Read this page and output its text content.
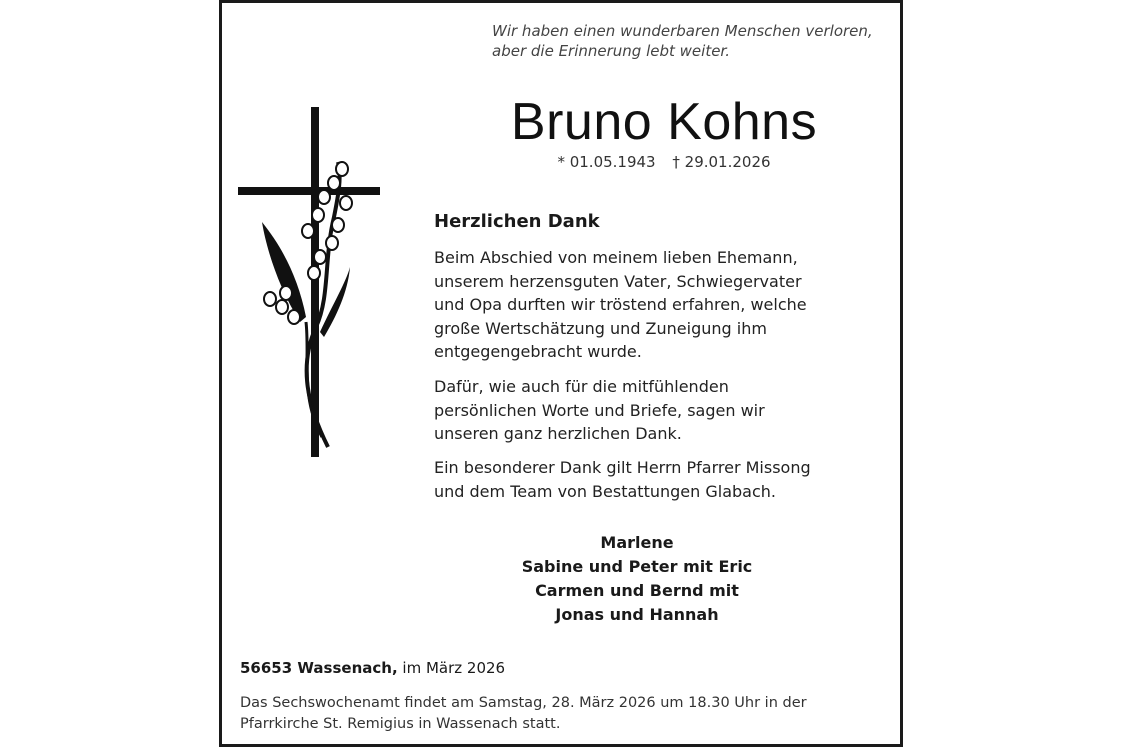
Wir haben einen wunderbaren Menschen verloren,
aber die Erinnerung lebt weiter.
Bruno Kohns
* 01.05.1943 † 29.01.2026
Herzlichen Dank
Beim Abschied von meinem lieben Ehemann,
unserem herzensguten Vater, Schwiegervater
und Opa durften wir tröstend erfahren, welche
große Wertschätzung und Zuneigung ihm
entgegengebracht wurde.
Dafür, wie auch für die mitfühlenden
persönlichen Worte und Briefe, sagen wir
unseren ganz herzlichen Dank.
Ein besonderer Dank gilt Herrn Pfarrer Missong
und dem Team von Bestattungen Glabach.
Marlene
Sabine und Peter mit Eric
Carmen und Bernd mit
Jonas und Hannah
56653 Wassenach, im März 2026
Das Sechswochenamt findet am Samstag, 28. März 2026 um 18.30 Uhr in der
Pfarrkirche St. Remigius in Wassenach statt.
